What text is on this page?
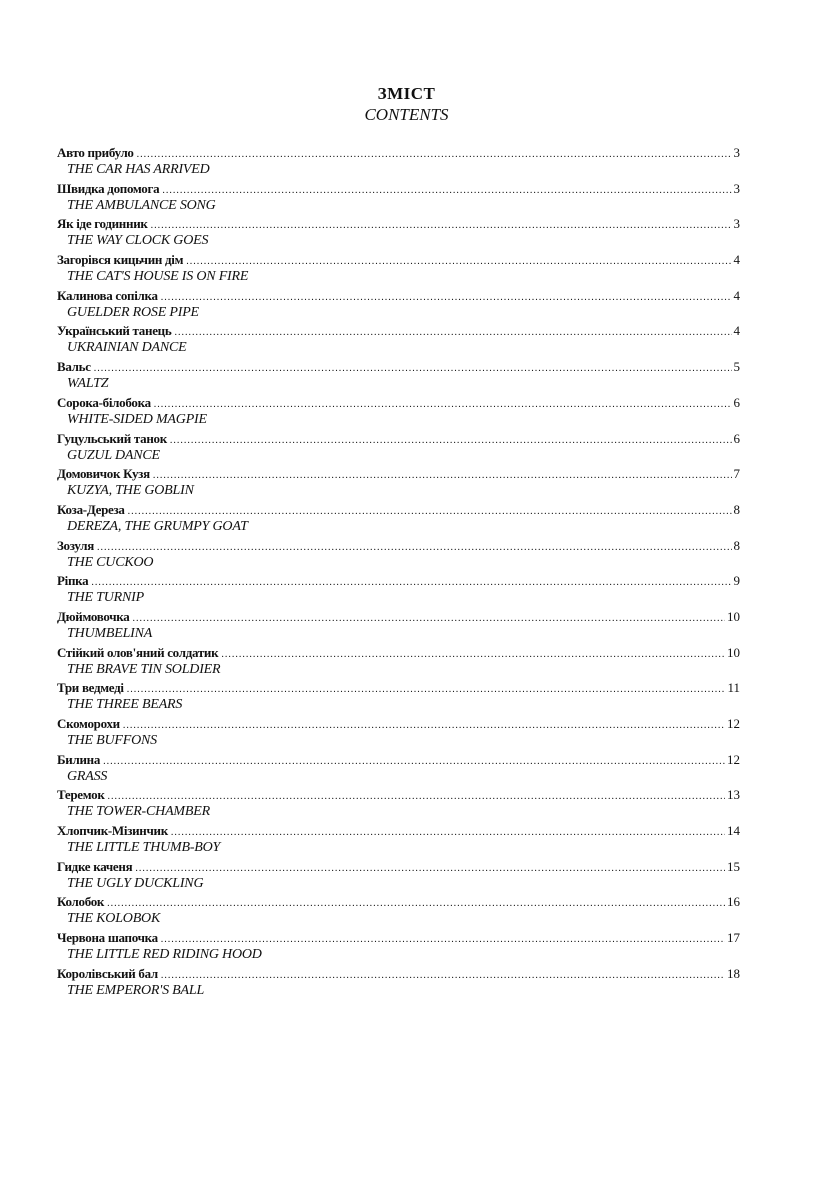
ЗМІСТ
CONTENTS
Авто прибуло .....	3
THE CAR HAS ARRIVED
Швидка допомога .....	3
THE AMBULANCE SONG
Як іде годинник .....	3
THE WAY CLOCK GOES
Загорівся кицьчин дім .....	4
THE CAT'S HOUSE IS ON FIRE
Калинова сопілка .....	4
GUELDER ROSE PIPE
Український танець .....	4
UKRAINIAN DANCE
Вальс .....	5
WALTZ
Сорока-білобока .....	6
WHITE-SIDED MAGPIE
Гуцульський танок .....	6
GUZUL DANCE
Домовичок Кузя .....	7
KUZYA, THE GOBLIN
Коза-Дереза .....	8
DEREZA, THE GRUMPY GOAT
Зозуля .....	8
THE CUCKOO
Ріпка .....	9
THE TURNIP
Дюймовочка .....	10
THUMBELINA
Стійкий олов'яний солдатик .....	10
THE BRAVE TIN SOLDIER
Три ведмеді .....	11
THE THREE BEARS
Скоморохи .....	12
THE BUFFONS
Билина .....	12
GRASS
Теремок .....	13
THE TOWER-CHAMBER
Хлопчик-Мізинчик .....	14
THE LITTLE THUMB-BOY
Гидке каченя .....	15
THE UGLY DUCKLING
Колобок .....	16
THE KOLOBOK
Червона шапочка .....	17
THE LITTLE RED RIDING HOOD
Королівський бал .....	18
THE EMPEROR'S BALL
